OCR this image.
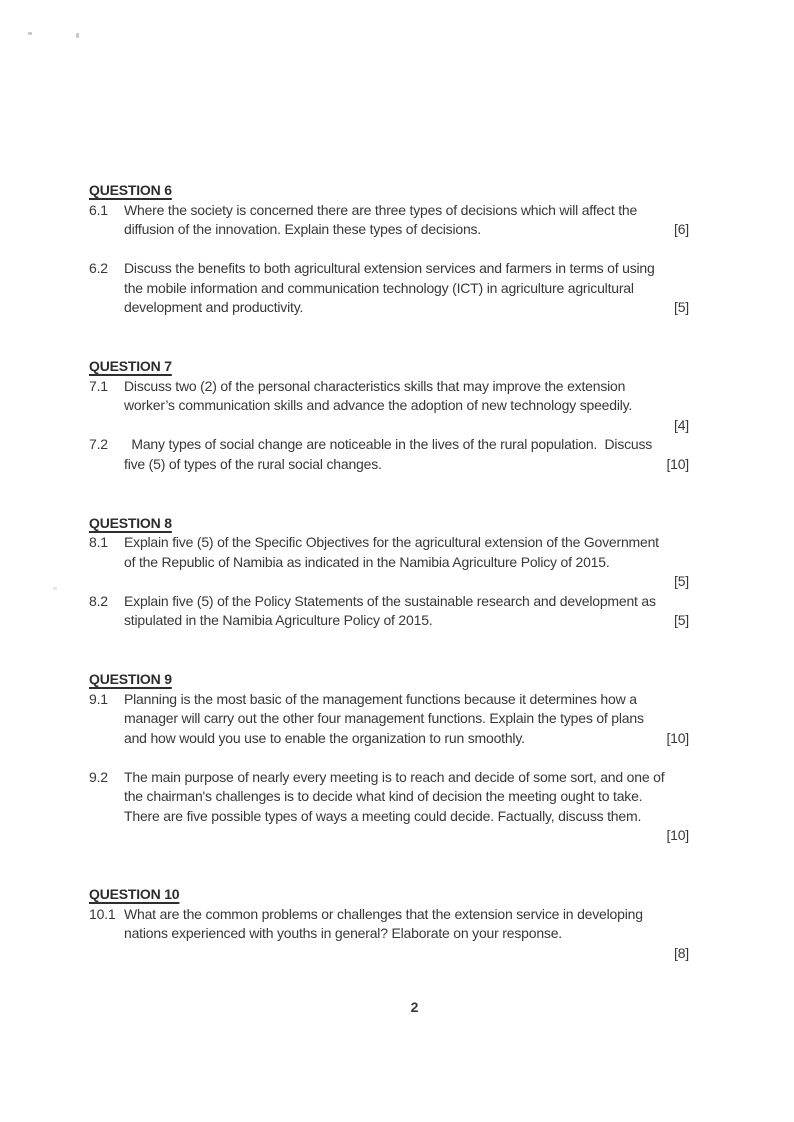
QUESTION 6
6.1	Where the society is concerned there are three types of decisions which will affect the
diffusion of the innovation. Explain these types of decisions.	[6]
6.2	Discuss the benefits to both agricultural extension services and farmers in terms of using
the mobile information and communication technology (ICT) in agriculture agricultural
development and productivity.	[5]
QUESTION 7
7.1	Discuss two (2) of the personal characteristics skills that may improve the extension
worker’s communication skills and advance the adoption of new technology speedily.
[4]
7.2	Many types of social change are noticeable in the lives of the rural population.  Discuss
five (5) of types of the rural social changes.	[10]
QUESTION 8
8.1	Explain five (5) of the Specific Objectives for the agricultural extension of the Government
of the Republic of Namibia as indicated in the Namibia Agriculture Policy of 2015.
[5]
8.2	Explain five (5) of the Policy Statements of the sustainable research and development as
stipulated in the Namibia Agriculture Policy of 2015.	[5]
QUESTION 9
9.1	Planning is the most basic of the management functions because it determines how a
manager will carry out the other four management functions. Explain the types of plans
and how would you use to enable the organization to run smoothly.	[10]
9.2	The main purpose of nearly every meeting is to reach and decide of some sort, and one of
the chairman's challenges is to decide what kind of decision the meeting ought to take.
There are five possible types of ways a meeting could decide. Factually, discuss them.
[10]
QUESTION 10
10.1 What are the common problems or challenges that the extension service in developing
nations experienced with youths in general? Elaborate on your response.
[8]
2
